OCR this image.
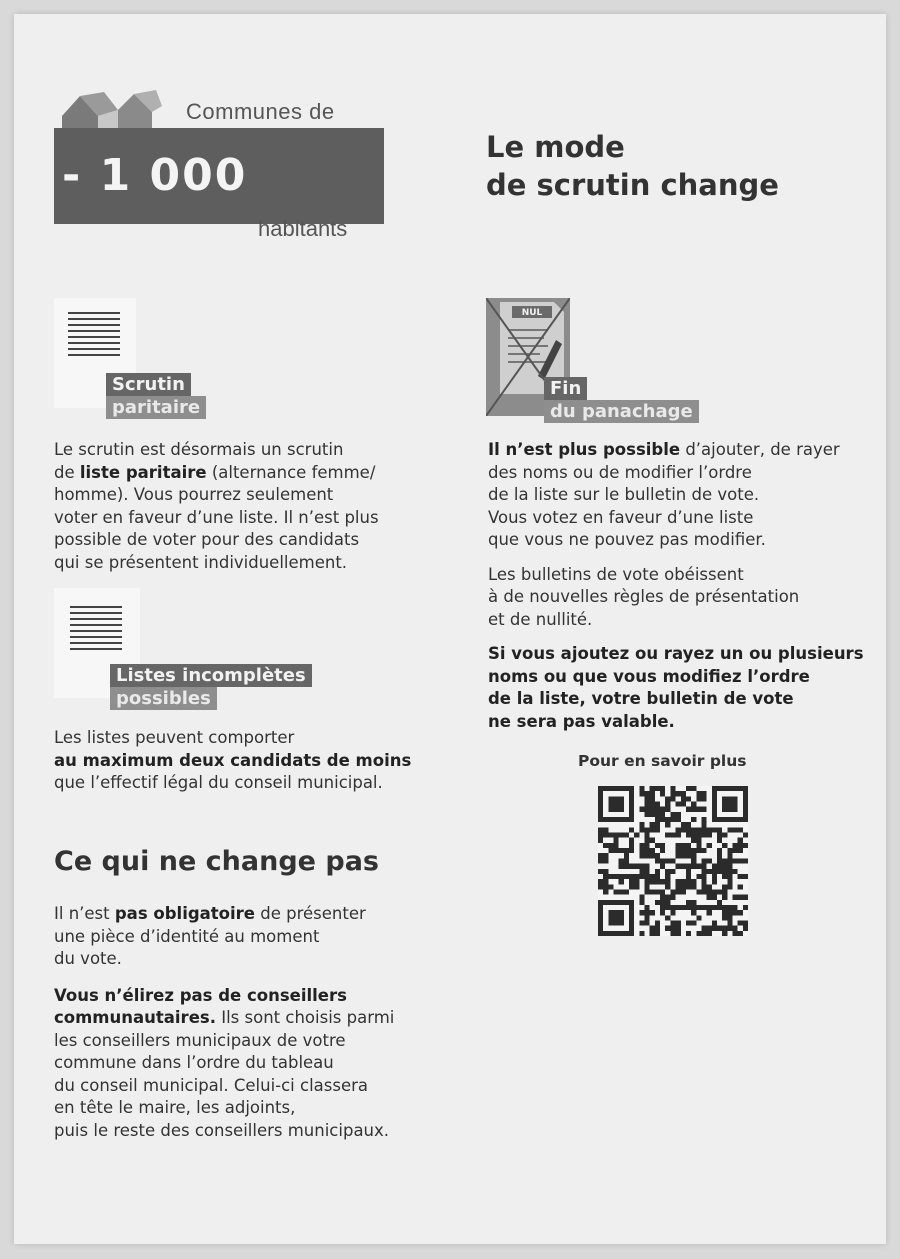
Communes de
- 1 000
habitants
Le mode
de scrutin change
Scrutin
paritaire
Le scrutin est désormais un scrutin
de liste paritaire (alternance femme/
homme). Vous pourrez seulement
voter en faveur d’une liste. Il n’est plus
possible de voter pour des candidats
qui se présentent individuellement.
Listes incomplètes
possibles
Les listes peuvent comporter
au maximum deux candidats de moins
que l’effectif légal du conseil municipal.
NUL
Fin
du panachage
Il n’est plus possible d’ajouter, de rayer
des noms ou de modifier l’ordre
de la liste sur le bulletin de vote.
Vous votez en faveur d’une liste
que vous ne pouvez pas modifier.
Les bulletins de vote obéissent
à de nouvelles règles de présentation
et de nullité.
Si vous ajoutez ou rayez un ou plusieurs
noms ou que vous modifiez l’ordre
de la liste, votre bulletin de vote
ne sera pas valable.
Pour en savoir plus
Ce qui ne change pas
Il n’est pas obligatoire de présenter
une pièce d’identité au moment
du vote.
Vous n’élirez pas de conseillers
communautaires. Ils sont choisis parmi
les conseillers municipaux de votre
commune dans l’ordre du tableau
du conseil municipal. Celui-ci classera
en tête le maire, les adjoints,
puis le reste des conseillers municipaux.
